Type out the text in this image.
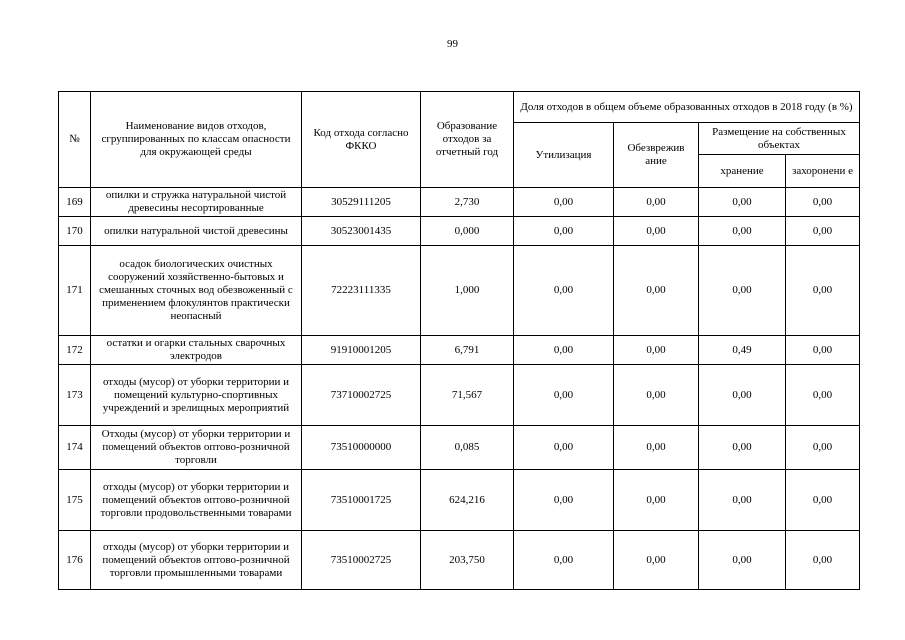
99
№	Наименование видов отходов, сгруппированных по классам опасности для окружающей среды	Код отхода согласно ФККО	Образование отходов за отчетный год	Доля отходов в общем объеме образованных отходов в 2018 году (в %)			
				Утилизация	Обезврежив ание	Размещение на собственных объектах	
						хранение	захоронени е
169	опилки и стружка натуральной чистой древесины несортированные	30529111205	2,730	0,00	0,00	0,00	0,00
170	опилки натуральной чистой древесины	30523001435	0,000	0,00	0,00	0,00	0,00
171	осадок биологических очистных сооружений хозяйственно-бытовых и смешанных сточных вод обезвоженный с применением флокулянтов практически неопасный	72223111335	1,000	0,00	0,00	0,00	0,00
172	остатки и огарки стальных сварочных электродов	91910001205	6,791	0,00	0,00	0,49	0,00
173	отходы (мусор) от уборки территории и помещений культурно-спортивных учреждений и зрелищных мероприятий	73710002725	71,567	0,00	0,00	0,00	0,00
174	Отходы (мусор) от уборки территории и помещений объектов оптово-розничной торговли	73510000000	0,085	0,00	0,00	0,00	0,00
175	отходы (мусор) от уборки территории и помещений объектов оптово-розничной торговли продовольственными товарами	73510001725	624,216	0,00	0,00	0,00	0,00
176	отходы (мусор) от уборки территории и помещений объектов оптово-розничной торговли промышленными товарами	73510002725	203,750	0,00	0,00	0,00	0,00
